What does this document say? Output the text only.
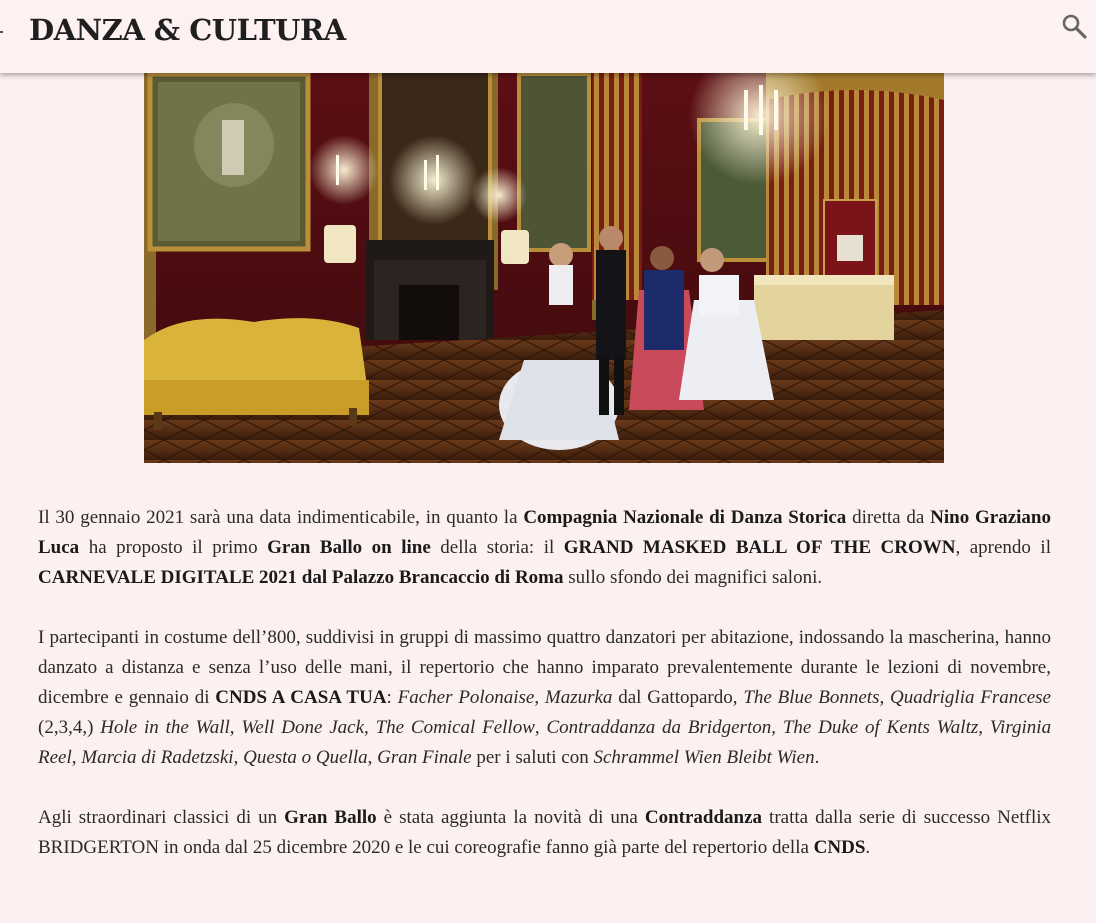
DANZA & CULTURA

Il 30 gennaio 2021 sarà una data indimenticabile, in quanto la Compagnia Nazionale di Danza Storica diretta da Nino Graziano Luca ha proposto il primo Gran Ballo on line della storia: il GRAND MASKED BALL OF THE CROWN, aprendo il CARNEVALE DIGITALE 2021 dal Palazzo Brancaccio di Roma sullo sfondo dei magnifici saloni.

I partecipanti in costume dell’800, suddivisi in gruppi di massimo quattro danzatori per abitazione, indossando la mascherina, hanno danzato a distanza e senza l’uso delle mani, il repertorio che hanno imparato prevalentemente durante le lezioni di novembre, dicembre e gennaio di CNDS A CASA TUA: Facher Polonaise, Mazurka dal Gattopardo, The Blue Bonnets, Quadriglia Francese (2,3,4,) Hole in the Wall, Well Done Jack, The Comical Fellow, Contraddanza da Bridgerton, The Duke of Kents Waltz, Virginia Reel, Marcia di Radetzski, Questa o Quella, Gran Finale per i saluti con Schrammel Wien Bleibt Wien.

Agli straordinari classici di un Gran Ballo è stata aggiunta la novità di una Contraddanza tratta dalla serie di successo Netflix BRIDGERTON in onda dal 25 dicembre 2020 e le cui coreografie fanno già parte del repertorio della CNDS.
